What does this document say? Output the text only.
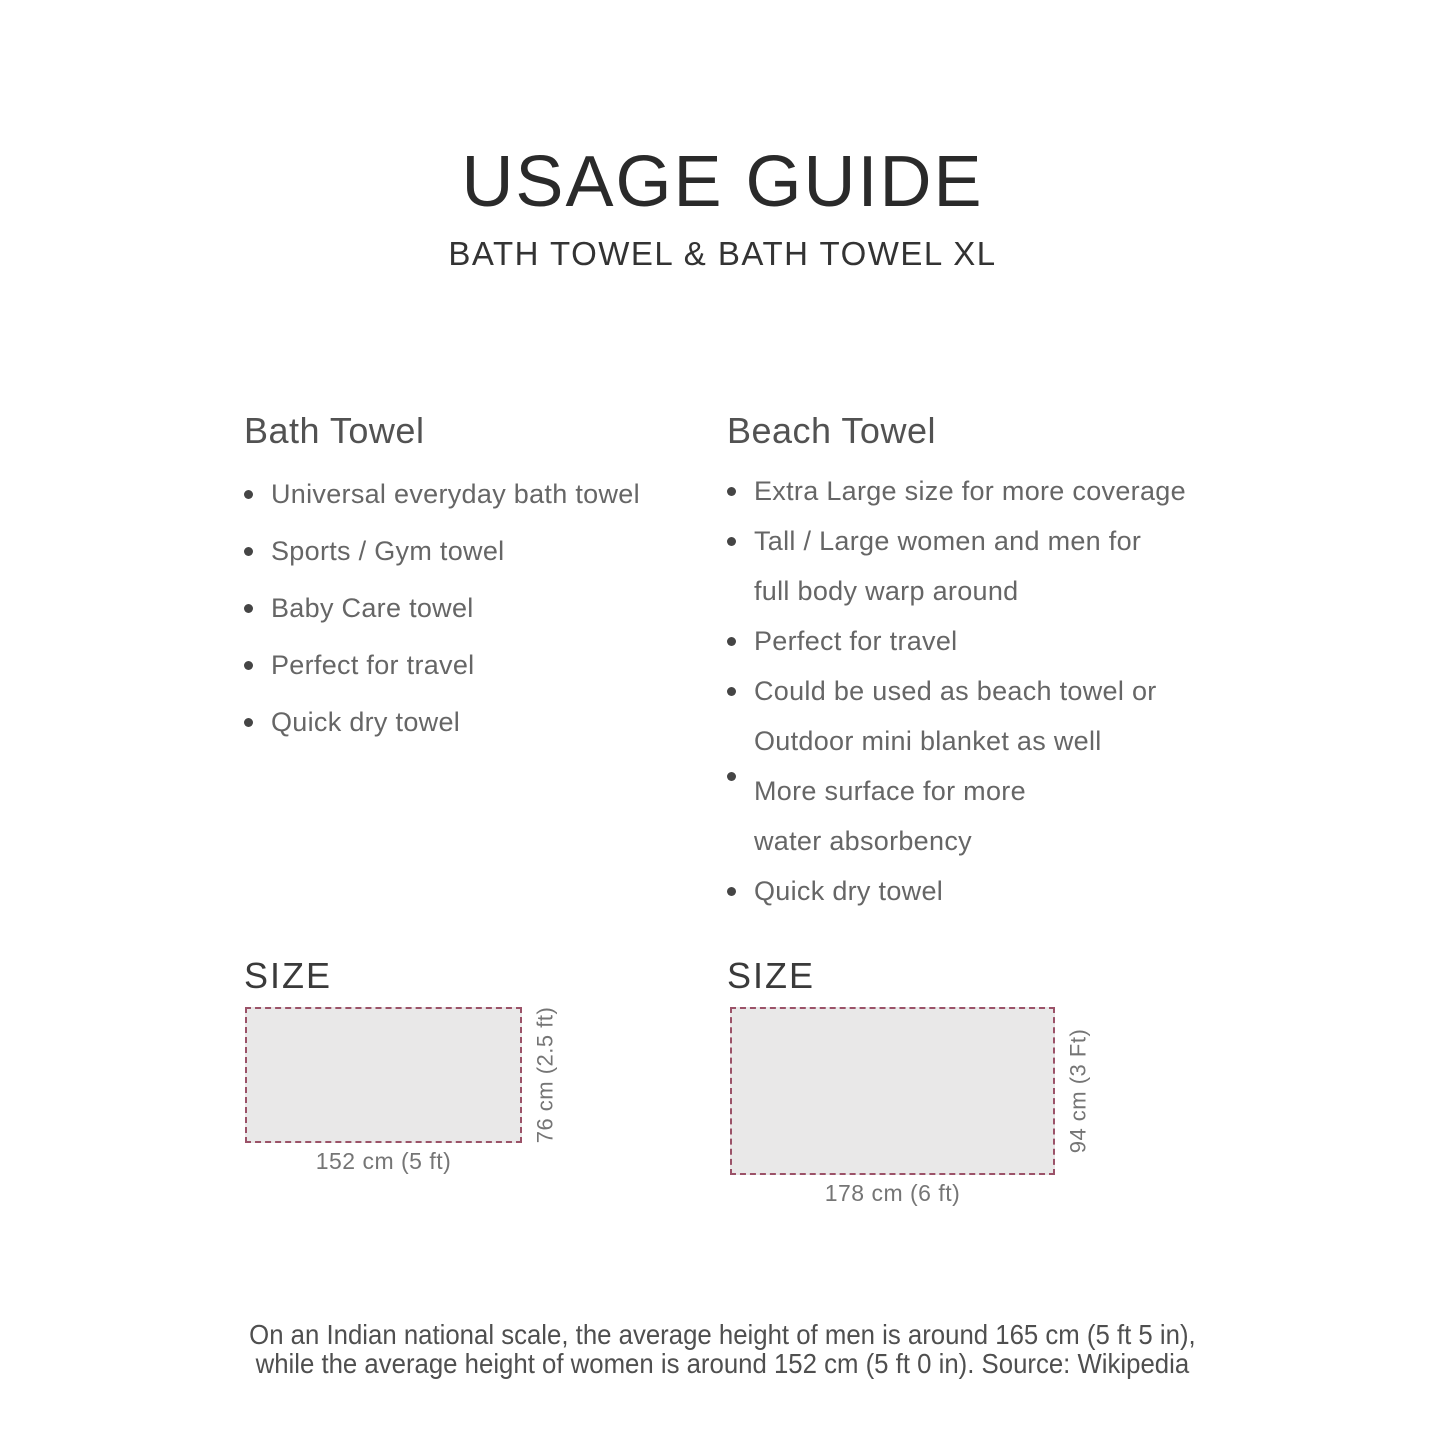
USAGE GUIDE
BATH TOWEL & BATH TOWEL XL
Bath Towel
Universal everyday bath towel
Sports / Gym towel
Baby Care towel
Perfect for travel
Quick dry towel
Beach Towel
Extra Large size for more coverage
Tall / Large women and men for
full body warp around
Perfect for travel
Could be used as beach towel or
Outdoor mini blanket as well
More surface for more
water absorbency
Quick dry towel
SIZE
152 cm (5 ft)
76 cm (2.5 ft)
SIZE
178 cm (6 ft)
94 cm (3 Ft)
On an Indian national scale, the average height of men is around 165 cm (5 ft 5 in),
while the average height of women is around 152 cm (5 ft 0 in). Source: Wikipedia
